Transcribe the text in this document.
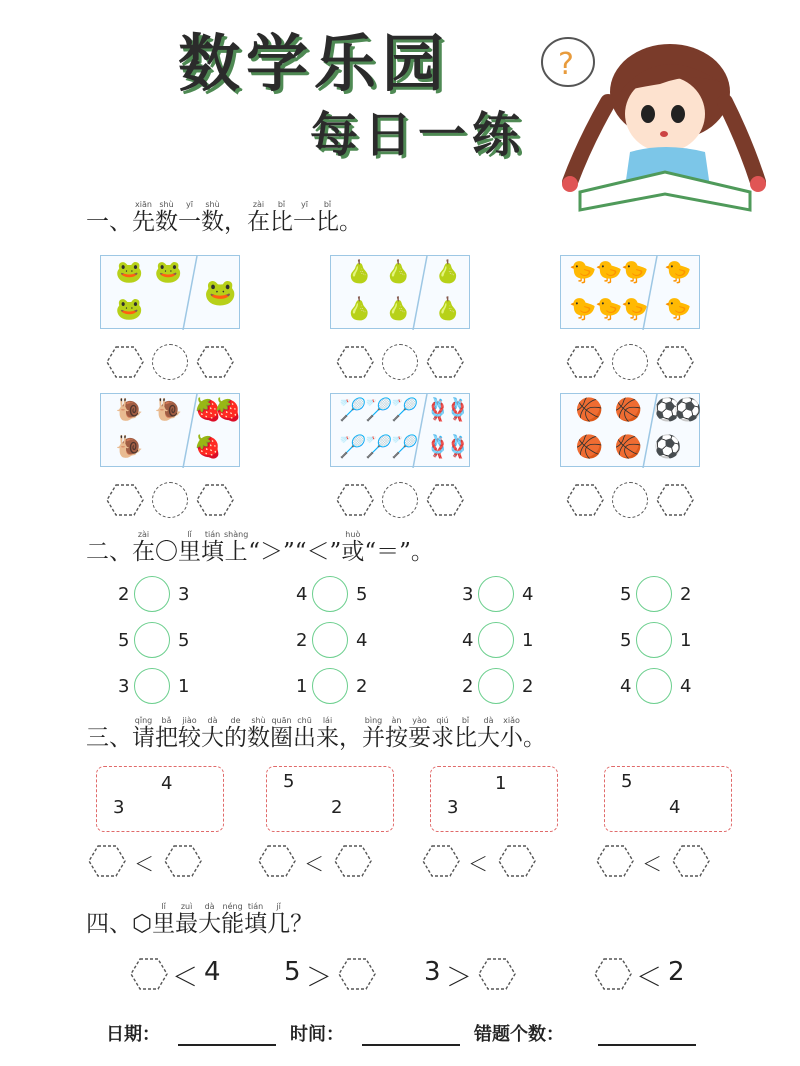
数学乐园
每日一练
?
一、先xiān数shù一yī数shù，在zài比bǐ一yī比bǐ。
🐸 🐸
🐸
🐸
🍐 🍐
🍐 🍐
🍐
🍐
🐤
🐤
🐤
🐤
🐤
🐤
🐤
🐤
🐌 🐌
🐌
🍓
🍓
🍓
🏸
🏸
🏸
🏸
🏸
🏸
🪢
🪢
🪢
🪢
🏀 🏀
🏀 🏀
⚽
⚽
⚽
二、在zài〇里lǐ填tián上shàng“＞”“＜”或huò“＝”。
2	3	4	5	3	4	5	2
5	5	2	4	4	1	5	1
3	1	1	2	2	2	4	4
三、请qǐng把bǎ较jiào大dà的de数shù圈quān出chū来lái，并bìng按àn要yào求qiú比bǐ大dà小xiǎo。
3
4
＜
5
2
＜
3
1
＜
5
4
＜
四、⬡里lǐ最zuì大dà能néng填tián几jǐ？
＜ 4 5 ＞	3 ＞	＜ 2
日期：	时间：	错题个数：
